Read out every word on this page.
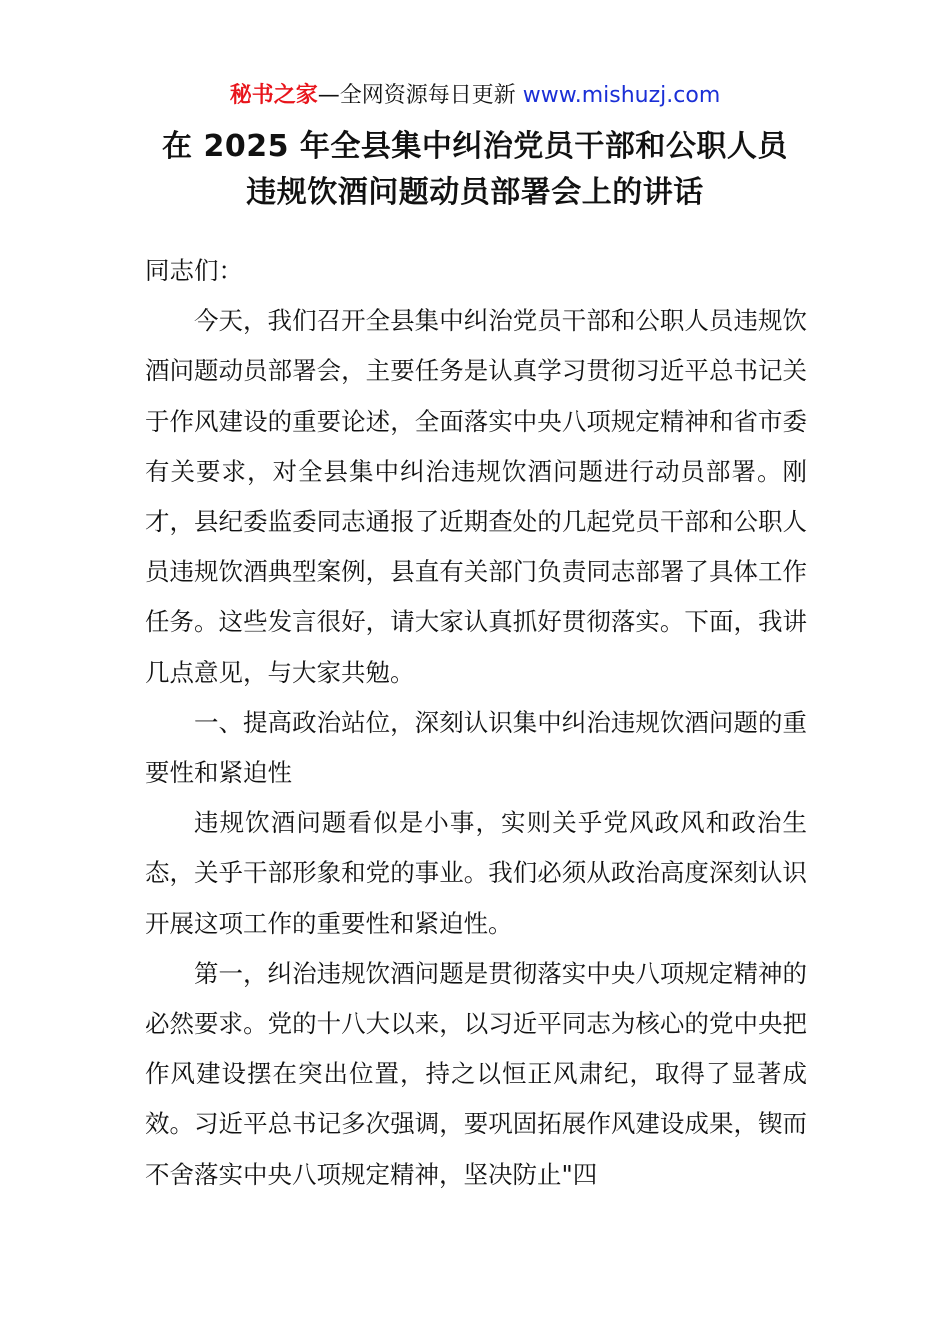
秘书之家—全网资源每日更新 www.mishuzj.com
在 2025 年全县集中纠治党员干部和公职人员
违规饮酒问题动员部署会上的讲话

同志们：

今天，我们召开全县集中纠治党员干部和公职人员违规饮酒问题动员部署会，主要任务是认真学习贯彻习近平总书记关于作风建设的重要论述，全面落实中央八项规定精神和省市委有关要求，对全县集中纠治违规饮酒问题进行动员部署。刚才，县纪委监委同志通报了近期查处的几起党员干部和公职人员违规饮酒典型案例，县直有关部门负责同志部署了具体工作任务。这些发言很好，请大家认真抓好贯彻落实。下面，我讲几点意见，与大家共勉。

一、提高政治站位，深刻认识集中纠治违规饮酒问题的重要性和紧迫性

违规饮酒问题看似是小事，实则关乎党风政风和政治生态，关乎干部形象和党的事业。我们必须从政治高度深刻认识开展这项工作的重要性和紧迫性。

第一，纠治违规饮酒问题是贯彻落实中央八项规定精神的必然要求。党的十八大以来，以习近平同志为核心的党中央把作风建设摆在突出位置，持之以恒正风肃纪，取得了显著成效。习近平总书记多次强调，要巩固拓展作风建设成果，锲而不舍落实中央八项规定精神，坚决防止"四
